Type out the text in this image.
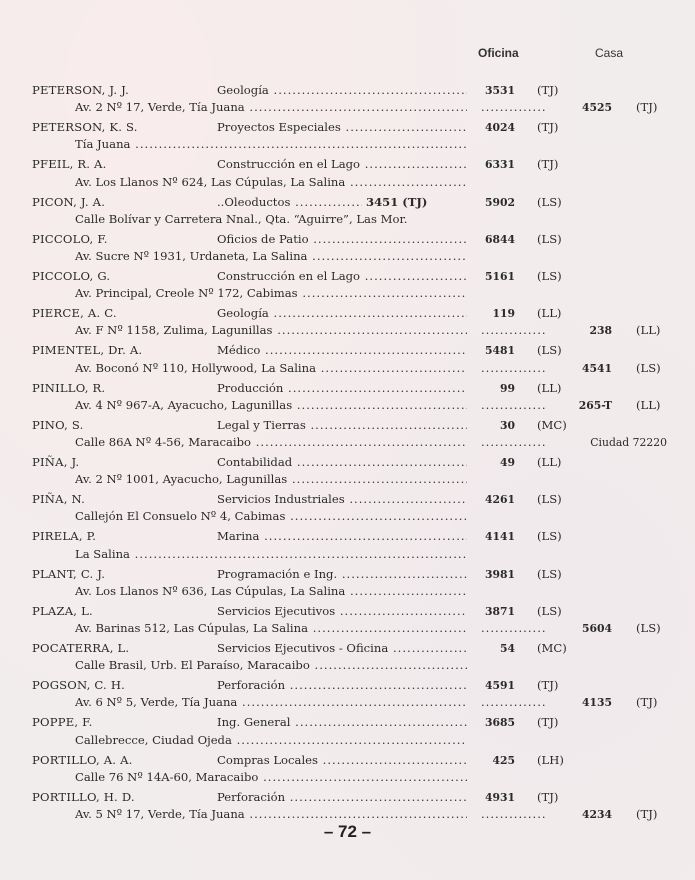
Oficina	Casa
PETERSON, J. J.	Geología .....	3531 (TJ)
Av. 2 Nº 17, Verde, Tía Juana .....	..............	4525 (TJ)
PETERSON, K. S.	Proyectos Especiales .....	4024 (TJ)
Tía Juana .....
PFEIL, R. A.	Construcción en el Lago .....	6331 (TJ)
Av. Los Llanos Nº 624, Las Cúpulas, La Salina .....
PICON, J. A.	..Oleoductos .....	3451 (TJ)	5902 (LS)
Calle Bolívar y Carretera Nnal., Qta. “Aguirre”, Las Mor.
PICCOLO, F.	Oficios de Patio .....	6844 (LS)
Av. Sucre Nº 1931, Urdaneta, La Salina .....
PICCOLO, G.	Construcción en el Lago .....	5161 (LS)
Av. Principal, Creole Nº 172, Cabimas .....
PIERCE, A. C.	Geología .....	119 (LL)
Av. F Nº 1158, Zulima, Lagunillas .....	..............	238 (LL)
PIMENTEL, Dr. A.	Médico .....	5481 (LS)
Av. Boconó Nº 110, Hollywood, La Salina .....	..............	4541 (LS)
PINILLO, R.	Producción .....	99 (LL)
Av. 4 Nº 967-A, Ayacucho, Lagunillas .....	..............	265-T (LL)
PINO, S.	Legal y Tierras .....	30 (MC)
Calle 86A Nº 4-56, Maracaibo .....	..............	Ciudad 72220
PIÑA, J.	Contabilidad .....	49 (LL)
Av. 2 Nº 1001, Ayacucho, Lagunillas .....
PIÑA, N.	Servicios Industriales .....	4261 (LS)
Callejón El Consuelo Nº 4, Cabimas .....
PIRELA, P.	Marina .....	4141 (LS)
La Salina .....
PLANT, C. J.	Programación e Ing. .....	3981 (LS)
Av. Los Llanos Nº 636, Las Cúpulas, La Salina .....
PLAZA, L.	Servicios Ejecutivos .....	3871 (LS)
Av. Barinas 512, Las Cúpulas, La Salina .....	..............	5604 (LS)
POCATERRA, L.	Servicios Ejecutivos - Oficina .....	54 (MC)
Calle Brasil, Urb. El Paraíso, Maracaibo .....
POGSON, C. H.	Perforación .....	4591 (TJ)
Av. 6 Nº 5, Verde, Tía Juana .....	..............	4135 (TJ)
POPPE, F.	Ing. General .....	3685 (TJ)
Callebrecce, Ciudad Ojeda .....
PORTILLO, A. A.	Compras Locales .....	425 (LH)
Calle 76 Nº 14A-60, Maracaibo .....
PORTILLO, H. D.	Perforación .....	4931 (TJ)
Av. 5 Nº 17, Verde, Tía Juana .....	..............	4234 (TJ)
– 72 –
